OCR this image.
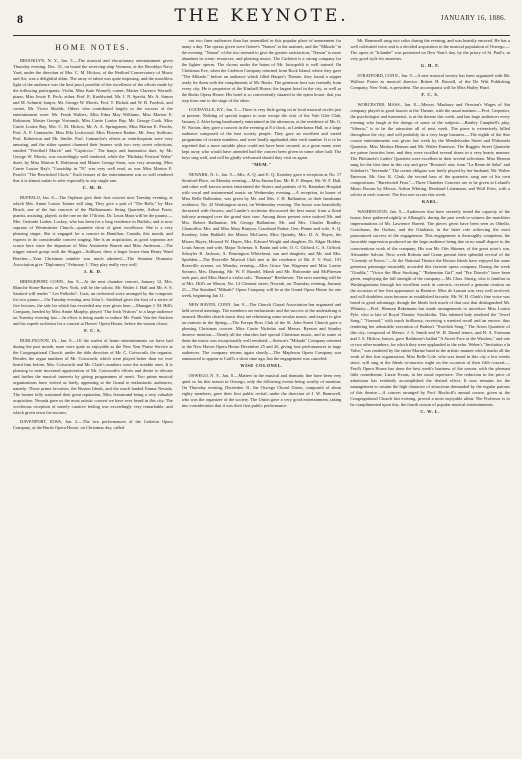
8	THE KEYNOTE.	JANUARY 16, 1886.
HOME NOTES.

BROOKLYN, N. Y., Jan. 5.—The musical and elocutionary entertainment given Thursday evening, Dec. 31, on board the receiving-ship Vermont, at the Brooklyn Navy Yard, under the direction of Mrs. C. M. Hickox, of the Bedford Conservatory of Music and Art, was a delightful affair. The array of talent was quite imposing, and the matchless light of the audience was the best proof possible of the excellence of the efforts made by the following participants: Violin, Miss Kate Wornell; cornet, Master Clarence Wornell; piano, Miss Jessie E. Peck; zither, Prof. E. Kuehlwind, Mr. J. N. Specht, Mr. A. Simon and M. Schmitt; banjos, Mr. George W. Morris, Prof. T. Hickok and W. B. Foedick, and cornet, Mr. Victor Shields. Others who contributed largely to the success of the entertainment were: Mr. Frank Walters, Miss Edna May Williams, Miss Marion E. Robinson, Master George Vostrandt, Miss Carrie Louise Bay, Mr. George Cook, Miss Carrie Louise Ray, Mrs. C. M. Hickox, Mr. A. A. Springsteen, Miss Marion E. Peachs, Prof. A. F. Camanche, Miss Ella Lockwood, Miss Florence Barber, Mr. Jerry Sullivan, Prof. Robertson and Mr. Smilie. Prof. Camanche's efforts at ventriloquism were very amusing, and the zither quartet charmed their hearers with two very sweet selections, entitled "Friedhoff March" and "Capriccio." The banjo and harmonica duet, by Mr. George W. Morris, was exceedingly well rendered, while the "Birthday Festival Waltz" duett, by Miss Marion E. Robinson and Master George Stout, was very amusing. Miss Carrie Louise Ray's "Courtship in '76" was very well read, as was Miss Marion E. Peach's "The Bewitched Clock." Each feature of the entertainment was so well rendered that it is almost unfair to refer especially to any single one.

C. M. H.

BUFFALO, Jan. 8.—The Orpheus give their first concert next Tuesday evening, at which Mrs. Annie Louise Tanner will sing. They give a part of "The Bells," by Max Bruch, one of the last concerts of the Philharmonic String Quartette, Arthur Foote, pianist, assisting, played, at the one on the 17th inst. Dr. Louis Maas will be the pianist.—Mrs. Gertrude Luther, Luckey, who has been for a long residence in Buffalo, and is now soprano of Westminster Church—quartette choir of great excellence. She is a very pleasing singer. She is engaged for a concert in Hamilton, Canada, this month, and expects to do considerable concert singing. She is an acquisition, as good sopranos are scarce here since the departure of Miss Antoinette Barrett and Miss Anderson.—The trigger mixed group with the Slugger—Sullivan, drew a larger house than Henry Ward Beecher.—Your Christmas number was much admired.—The Amateur Dramatic Association give "Diplomacy" February 1. They play really very well.

J. R. D.

BRIDGEPORT, CONN., Jan. 9.—At the next chamber concert, January 12, Mrs. Blanche Stone-Barton, of New York, will be the soloist. Mr. Walter J. Hall and Mr. S. S. Sanford will render " Les Préludes". Liszt, an orchestral score arranged by the composer for two pianos.—On Tuesday evening next John L. Stoddard gives the first of a series of five lectures, the sale for which has exceeded any ever given here.—Manager J. M. Hill's Company, headed by Miss Annie Murphy, played "Our Irish Visitors" to a large audience on Tuesday evening last.—In effort is being made to induce Mr. Frank Van der Stucken and his superb orchestra for a concert at Hawes' Opera House, before the season closes.

F. C. S.

BURLINGTON, IA., Jan. 8.—Of the surfeit of home entertainments we have had during the past month, none were quite as enjoyable as the New Year Praise Service at the Congregational Church, under the able direction of Mr. C. Cotsworth, the organist. Besides the organ numbers of Mr. Cotsworth, which were played better than we ever heard him before, Mrs. Cotsworth and Mr. Clark's numbers were the notable ones. It is pleasing to note increased appreciation of Mr. Cotsworth's efforts and desire to elevate and further the musical interests by giving programmes of merit. Two prime musical organizations have visited us lately, appearing at the Grand to enthusiastic audiences, namely: Those prime favorites, the Boston Ideals, and the much lauded Emma Nevada. The former fully sustained their great reputation, Miss Jessamund being a very valuable acquisition. Nevada gave us the most artistic concert we have ever heard in this city. The vociferous reception of merely curative feeling was exceedingly very remarkable, and which given sewn for encores.

DAVENPORT, IOWA, Jan. 2.—The two performances of the Carleton Opera Company, at the Burtis Opera House, on Christmas day, called

out two finer audiences than has assembled in this popular place of amusement for many a day. The operas given were Genee's "Nanon" at the matinee, and the "Mikado" in the evening. "Nanon" of the two seemed to give the greater satisfaction; "Nanon" is more abundant in scenic resources, and pleasing music. The Carleton is a strong company for the lighter operas. The chorus under the baton of Mr. Jutzopoldi is well trained. On Christmas Eve, when the Carleton Company returned from Rock Island, where they gave "The Mikado," before an audience which filled Harper's Theatre, they found a supper ready for them with the compliments of Mr. Burtis. The generous host was formally from every city. He is proprietor of the Kimball House, the largest hotel in the city, as well as the Burtis Opera House. His hotel is so conveniently situated to the opera house, that you step from one to the stage of the other.

LOUISVILLE, KY., Jan. 5.—There is very little going on in local musical circles just at present. Nothing of special import to note except the visit of the Yale Glee Club, January 2. After being handsomely entertained in the afternoon, at the residence of Mr. G. W. Norton, they gave a concert in the evening at 8 o'clock, at Liederkranz Hall, to a large audience composed of the best society people. They gave an excellent and varied programme of sixteen numbers, and were loudly applauded after each number. It is to be regretted that a more suitable place could not have been secured, as a great many were kept away who would have attended had the concert been given in some other hall. The boys sing well, and will be gladly welcomed should they visit us again.

"MEM."

NEWARK, N. J., Jan. 9.—Mrs. A. Q. and E. Q. Keasbey gave a reception at No. 17 Stratford Place, on Monday evening.—Miss Emma Eno, Mr. R. F. Harper, Mr. W. F. Hall, and other well known artists entertained the Sisters and patients of St. Barnabas Hospital with vocal and instrumental music on Wednesday evening.—A reception, in honor of Miss Belle Ballentine, was given by Mr. and Mrs. J. H. Ballantine, at their handsome residence, No. 43 Washington street, on Wednesday evening. The house was beautifully decorated with flowers, and Lander's orchestra discoursed the best music from a floral balcony arranged over the grand stair case. Among those present were noticed Mr. and Mrs. Robert Ballantine, Mr. George Ballantine, Mr. and Mrs. Charles Bradley, Chancellor, Mrs. and Miss Mary Runyon, Courtland Parker, Gen. Plume and wife, A. Q. Keasbey, John Hubbell, the Misses McCarter, Miss Quimby, Mrs. D. A. Hayes, the Misses Hayes, Howard W. Hayes, Mrs. Edward Wright and daughter, Dr. Edgar Holden, Louis Amory and wife, Major Tichenor, S. Battin and wife, O. C. Gifford, C. A. Gifford, Schuyler B. Jackson, A. Pennington Whitehead, son and daughter, and Mr. and Mrs. Spielden.—The Roseville Musical Club met at the residence of Mr. F. V. Pool, 191 Roseville avenue, on Monday evening.—Miss Grace Van Wagenen and Miss Louise Sorrano, Mrs. Dunning, Mr. W. F. Rundel, Marsh and Mr. Holcombe and McPherson took part, and Miss Hand a violin solo. "Bonanza" Beethoven. The next meeting will be at Mrs. Hill's on Mason, No. 14 Clemont street, Newark, on Thursday evening, January 21.—The Standard "Mikado" Opera Company will be at the Grand Opera House for one week, beginning Jan 11.

NEW HAVEN, CONN. Jan. 9.—The Church Choral Association has organized and held several meetings. The members are enthusiastic and the success of the undertaking is assured. Besides church music they are rehearsing some secular music, and expect to give an oratorio in the Spring.—The Forepa Boss Club of the St. John Street Church gave a pleasing Christmas concert. Miss Carrie Nicholas and Messrs. Ryeson and Stanley deserve mention.—Nearly all the churches had special Christmas music, and in some of them the music was exceptionally well rendered.—Stetson's "Mikado" Company returned to the New Haven Opera House December 25 and 26, giving four performances to large audiences. The company returns again shortly.—The Mapleson Opera Company was announced to appear at Carll's a short time ago, but the engagement was canceled.

WISE COLONEL.

OSWEGO, N. Y., Jan. 8.—Matters in the musical and dramatic line have been very quiet so far this season in Oswego, only the following events being worthy of mention: On Thursday evening, December 31, the Oswego Choral Union, composed of about eighty members, gave their first public recital, under the direction of J. W. Bramwell, who was the organizer of the society. The Union gave a very good entertainment, taking into consideration that it was their first public performance.

Mr. Bramwell sang two solos during the evening, and was heartily encored. He has a well cultivated voice and is a decided acquisition to the musical population of Oswego.—The opera of "Iolanthe" was presented on New Year's day, by the priory of St. Paul's, in very good style for amateurs.

G. H. F.

STRATFORD, CONN., Jan. 9.—A new musical society has been organized with Mr. Wallace Porter as musical director. Robert H. Russell, of the De Witt Publishing Company, New York, is president. The accompanist will be Miss Hailey Hurd.

F. C. S.

WORCESTER, MASS., Jan. 8.—Messrs. Maubury and Overton's Wages of Sin company played to good houses at the Theatre, with the usual matinee.—Prof. Carpenter, the psychologist and mesmerist, is at the theatre this week, and has large audiences every evening who laugh at the doings of some of the subjects.—Bartley Campbell's play, "Siberia," is to be the attraction all of next week. The piece is extensively billed throughout the city, and will probably do a very large business.—The eighth of the Star course entertainments was given last week by the Mendelssohn Street and Philomela Quartette, Miss Medora Henson and Mr. Walter Emerson. The Ruggles Street Quartette are prime favorites here, and they were recalled several times in a very hearty manner. The Philomela's Ladies' Quartette were excellent in their several selections. Miss Henson sang for the first time in this city and gave "Rossini's aria, from "La Reine de Saba" and Schubert's "Serenade." The cornet obligato was finely played by her husband, Mr. Walter Emerson. Mr. Geo. K. Clark, the second bass of the quartette, sang one of his own compositions, "Barefooted Friar."—Three Chamber Concerts are to be given in Leland's Music Rooms by Messrs. Arthur Whiting, Bernhard Listemann, and Wulf Fries, with a soloist at each concert. The first one occurs this week.

KARL.

WASHINGTON, Jan. 9.—Audiences that have severely tested the capacity of the house, have gathered nightly at Albaugh's, during the past week to witness the matchless impersonations of Mr. Lawrence Barrett. The pieces given have been seen as Othello, Coriolanus, the Outlaw, and the Gladiator, in the latter role achieving the most pronounced success of the engagement. This engagement is thoroughly competent, the favorable impression produced on the large audience being due in no small degree to the conscientious work of the company. His son Mr. Otis Skinner, of the great actor's son, Alexander Salvini. Next week Robson and Crane present their splendid revival of the "Comedy of Errors."—At the National Theatre the Boston Ideals have enjoyed the same generous patronage invariably accorded this favorite opera company. During the week "Giralda," "Victor the Blue Stocking," "Bohemian Girl" and "Fra Diavolo" have been given, employing the full strength of the company.—Mr. Chas. Sinzig, who is familiar to Washingtonians through her excellent work in concerts, received a genuine ovation on the occasion of her first appearance as Beatrice. Miss de Lausan was very well received, and will doubtless soon become as established favorite. Mr. W. H. Clark's fine voice was heard to good advantage, though the Ideals lack much of that cast that distinguished Mr. Whitney.—Prof. Herman Rakemann has made arrangements to introduce Miss Louise Pyle, who is late of Royal Theatre, Stockholm. This talented lady rendered the "Jewel Song," "Gounod," with much brilliancy, receiving a merited recall and an encore, thus rendering her admirable execution of Brahm's "Swedish Song." The Arion Quartette of this city, composed of Messrs. J. S. Smith and W. H. Daniel tenors, and H. A. Foreman and J. S. Hickox, basses, gave Rathbone's ballad "A Sweet Face at the Window," and one or two other numbers, for which they were applauded to the echo. Weber's "Invitation a la Valse," was rendered by the entire Marine band in the artistic manner which marks all the work of this fine organization. Miss Belle Cole, who was heard in this city a few weeks since, will sing at the Ideals to-morrow night on the occasion of their fifth concert.—Ford's Opera House has done the best week's business of the season, with the pleasant little comedienne, Lizzie Evans, in her usual repertoire. The reduction in the price of admission has evidently accomplished the desired effect. It now remains for the management to sustain the high character of attractions demanded by the regular patrons of this theatre.—A concert arranged by Prof. Bischoff's annual course, given at the Congregational Church last evening, proved a most enjoyable affair. The Professor is to be complimented upon this, the fourth season of popular musical entertainments.

C. W. L.
